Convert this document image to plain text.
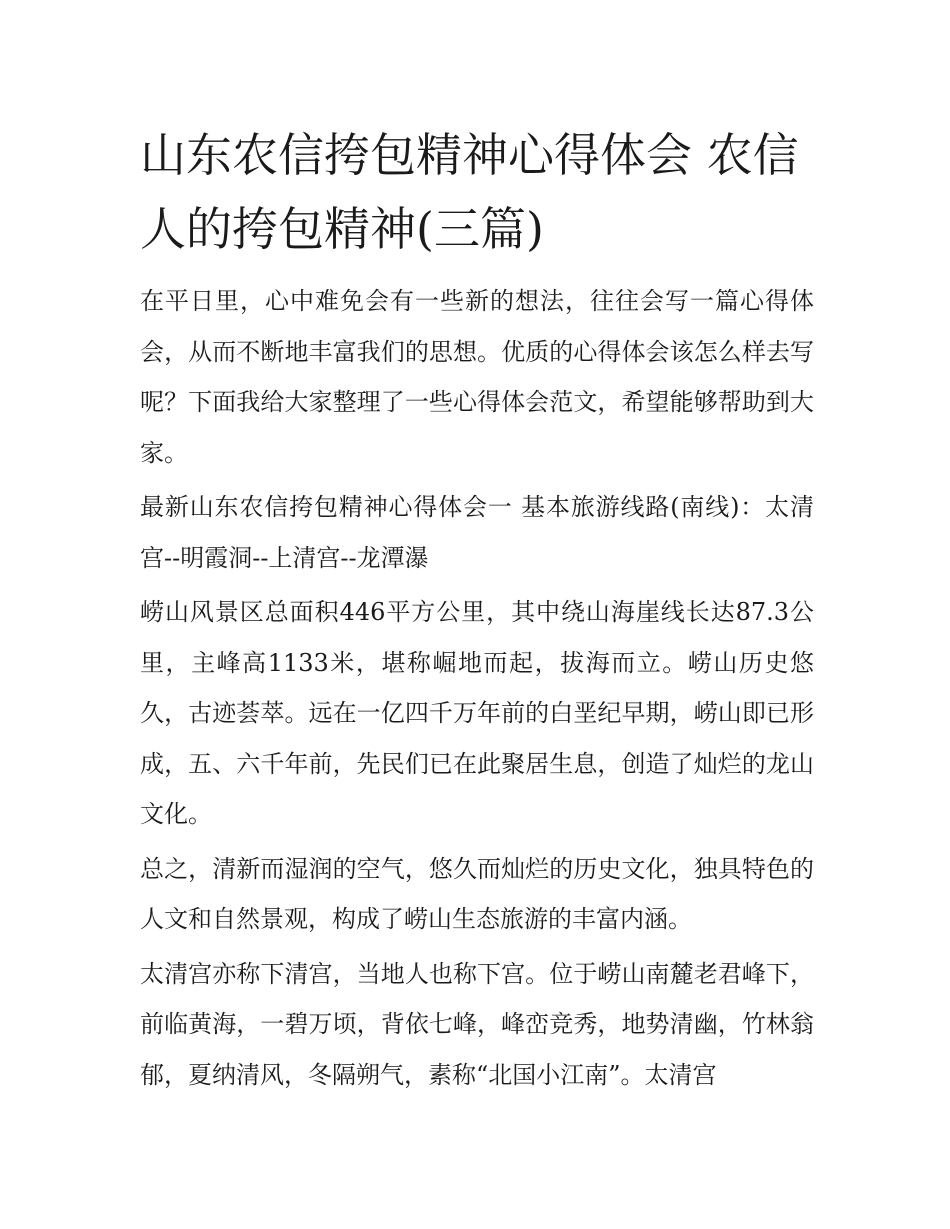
山东农信挎包精神心得体会 农信人的挎包精神(三篇)

在平日里，心中难免会有一些新的想法，往往会写一篇心得体会，从而不断地丰富我们的思想。优质的心得体会该怎么样去写呢？下面我给大家整理了一些心得体会范文，希望能够帮助到大家。

最新山东农信挎包精神心得体会一 基本旅游线路(南线)：太清宫--明霞洞--上清宫--龙潭瀑

崂山风景区总面积446平方公里，其中绕山海崖线长达87.3公里，主峰高1133米，堪称崛地而起，拔海而立。崂山历史悠久，古迹荟萃。远在一亿四千万年前的白垩纪早期，崂山即已形成，五、六千年前，先民们已在此聚居生息，创造了灿烂的龙山文化。

总之，清新而湿润的空气，悠久而灿烂的历史文化，独具特色的人文和自然景观，构成了崂山生态旅游的丰富内涵。

太清宫亦称下清宫，当地人也称下宫。位于崂山南麓老君峰下，前临黄海，一碧万顷，背依七峰，峰峦竞秀，地势清幽，竹林翁郁，夏纳清风，冬隔朔气，素称“北国小江南”。太清宫
